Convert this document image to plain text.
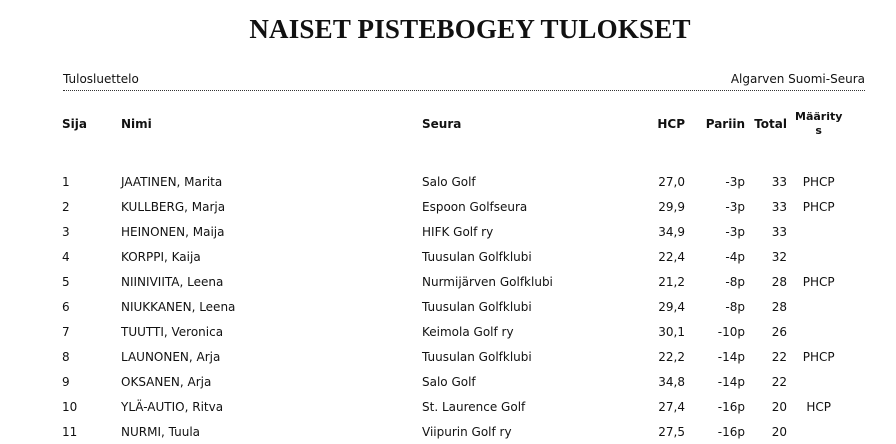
NAISET PISTEBOGEY TULOKSET
Tulosluettelo	Algarven Suomi-Seura
Sija	Nimi	Seura	HCP	Pariin	Total	Määrity
s

1	JAATINEN, Marita	Salo Golf	27,0	-3p	33	PHCP
2	KULLBERG, Marja	Espoon Golfseura	29,9	-3p	33	PHCP
3	HEINONEN, Maija	HIFK Golf ry	34,9	-3p	33	
4	KORPPI, Kaija	Tuusulan Golfklubi	22,4	-4p	32	
5	NIINIVIITA, Leena	Nurmijärven Golfklubi	21,2	-8p	28	PHCP
6	NIUKKANEN, Leena	Tuusulan Golfklubi	29,4	-8p	28	
7	TUUTTI, Veronica	Keimola Golf ry	30,1	-10p	26	
8	LAUNONEN, Arja	Tuusulan Golfklubi	22,2	-14p	22	PHCP
9	OKSANEN, Arja	Salo Golf	34,8	-14p	22	
10	YLÄ-AUTIO, Ritva	St. Laurence Golf	27,4	-16p	20	HCP
11	NURMI, Tuula	Viipurin Golf ry	27,5	-16p	20	
